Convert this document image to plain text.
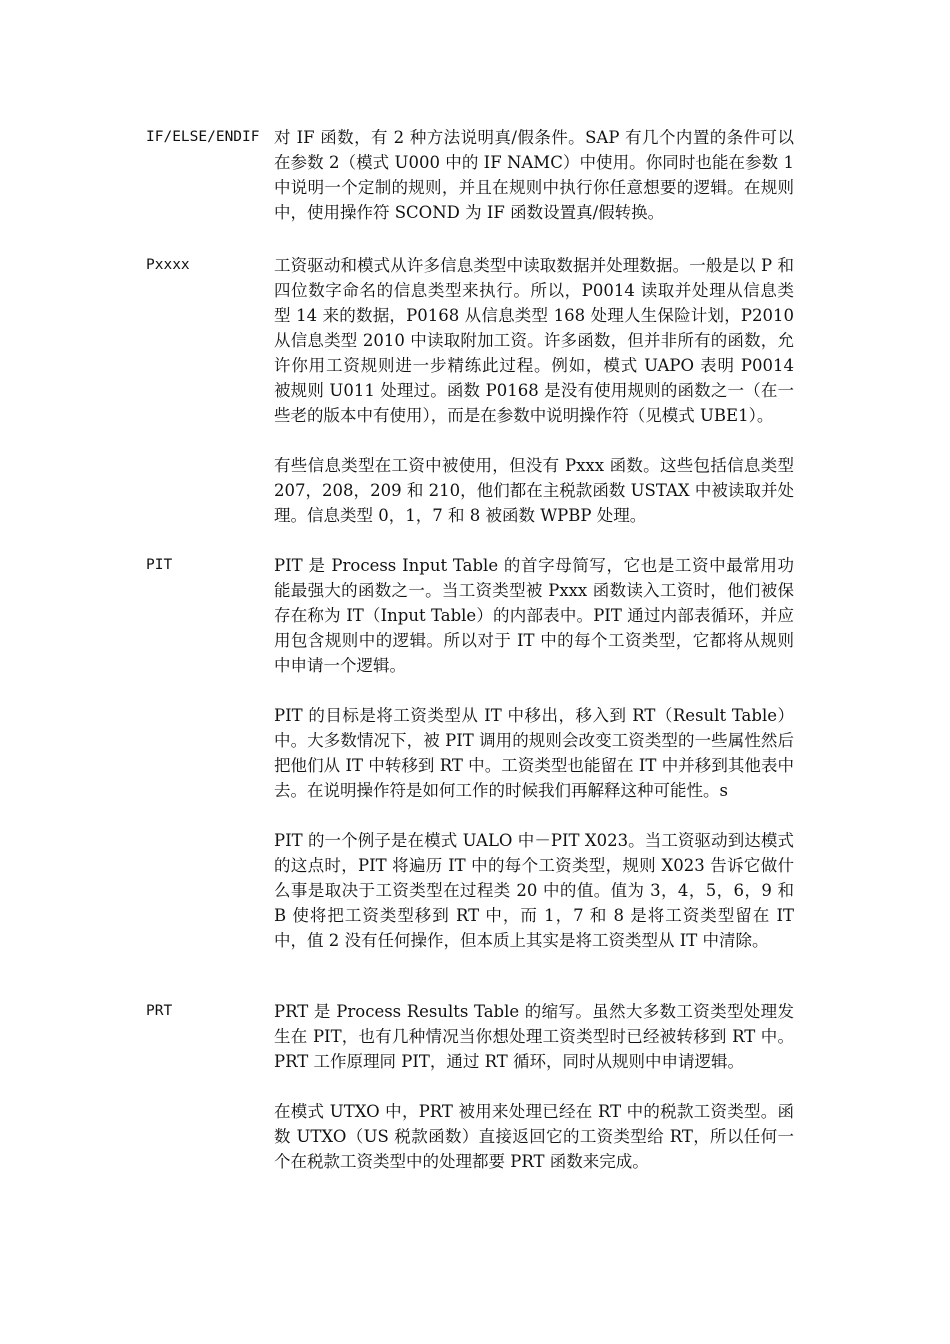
IF/ELSE/ENDIF 对 IF 函数，有 2 种方法说明真/假条件。SAP 有几个内置的条件可以在参数 2（模式 U000 中的 IF NAMC）中使用。你同时也能在参数 1 中说明一个定制的规则，并且在规则中执行你任意想要的逻辑。在规则中，使用操作符 SCOND 为 IF 函数设置真/假转换。

Pxxxx	工资驱动和模式从许多信息类型中读取数据并处理数据。一般是以 P 和四位数字命名的信息类型来执行。所以，P0014 读取并处理从信息类型 14 来的数据，P0168 从信息类型 168 处理人生保险计划，P2010 从信息类型 2010 中读取附加工资。许多函数，但并非所有的函数，允许你用工资规则进一步精练此过程。例如，模式 UAPO 表明 P0014 被规则 U011 处理过。函数 P0168 是没有使用规则的函数之一（在一些老的版本中有使用），而是在参数中说明操作符（见模式 UBE1）。

有些信息类型在工资中被使用，但没有 Pxxx 函数。这些包括信息类型 207，208，209 和 210，他们都在主税款函数 USTAX 中被读取并处理。信息类型 0，1，7 和 8 被函数 WPBP 处理。

PIT	PIT 是 Process Input Table 的首字母简写，它也是工资中最常用功能最强大的函数之一。当工资类型被 Pxxx 函数读入工资时，他们被保存在称为 IT（Input Table）的内部表中。PIT 通过内部表循环，并应用包含规则中的逻辑。所以对于 IT 中的每个工资类型，它都将从规则中申请一个逻辑。

PIT 的目标是将工资类型从 IT 中移出，移入到 RT（Result Table）中。大多数情况下，被 PIT 调用的规则会改变工资类型的一些属性然后把他们从 IT 中转移到 RT 中。工资类型也能留在 IT 中并移到其他表中去。在说明操作符是如何工作的时候我们再解释这种可能性。s

PIT 的一个例子是在模式 UALO 中－PIT X023。当工资驱动到达模式的这点时，PIT 将遍历 IT 中的每个工资类型，规则 X023 告诉它做什么事是取决于工资类型在过程类 20 中的值。值为 3，4，5，6，9 和 B 使将把工资类型移到 RT 中，而 1，7 和 8 是将工资类型留在 IT 中，值 2 没有任何操作，但本质上其实是将工资类型从 IT 中清除。

PRT	PRT 是 Process Results Table 的缩写。虽然大多数工资类型处理发生在 PIT，也有几种情况当你想处理工资类型时已经被转移到 RT 中。PRT 工作原理同 PIT，通过 RT 循环，同时从规则中申请逻辑。

在模式 UTXO 中，PRT 被用来处理已经在 RT 中的税款工资类型。函数 UTXO（US 税款函数）直接返回它的工资类型给 RT，所以任何一个在税款工资类型中的处理都要 PRT 函数来完成。
